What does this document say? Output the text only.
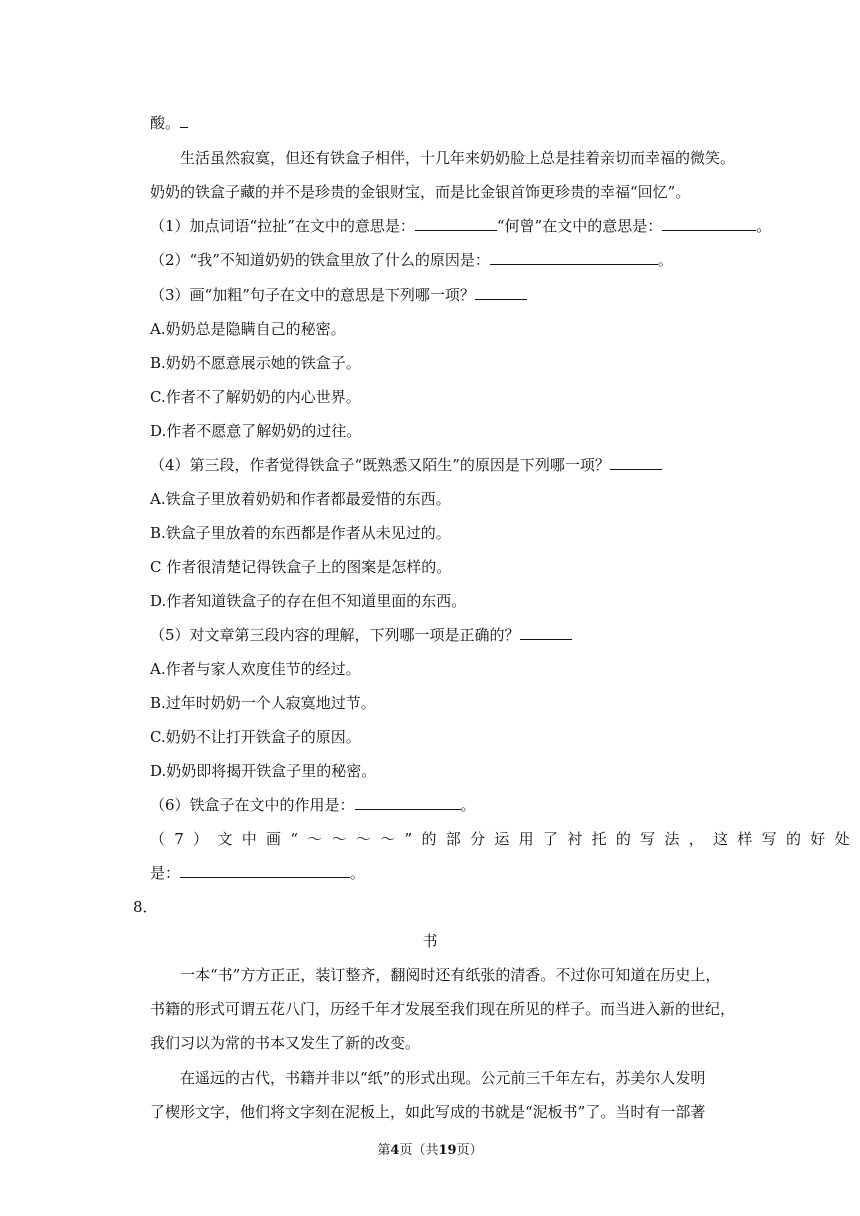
酸。
生活虽然寂寞，但还有铁盒子相伴，十几年来奶奶脸上总是挂着亲切而幸福的微笑。
奶奶的铁盒子藏的并不是珍贵的金银财宝，而是比金银首饰更珍贵的幸福“回忆”。
（1）加点词语“拉扯”在文中的意思是：	“何曾”在文中的意思是：	。
（2）“我”不知道奶奶的铁盒里放了什么的原因是：	。
（3）画“加粗”句子在文中的意思是下列哪一项？
A.奶奶总是隐瞒自己的秘密。
B.奶奶不愿意展示她的铁盒子。
C.作者不了解奶奶的内心世界。
D.作者不愿意了解奶奶的过往。
（4）第三段，作者觉得铁盒子“既熟悉又陌生”的原因是下列哪一项？
A.铁盒子里放着奶奶和作者都最爱惜的东西。
B.铁盒子里放着的东西都是作者从未见过的。
C 作者很清楚记得铁盒子上的图案是怎样的。
D.作者知道铁盒子的存在但不知道里面的东西。
（5）对文章第三段内容的理解，下列哪一项是正确的？
A.作者与家人欢度佳节的经过。
B.过年时奶奶一个人寂寞地过节。
C.奶奶不让打开铁盒子的原因。
D.奶奶即将揭开铁盒子里的秘密。
（6）铁盒子在文中的作用是：	。
（7）文中画“～～～～”的部分运用了衬托的写法，这样写的好处
是：	。
8．
书
一本“书”方方正正，装订整齐，翻阅时还有纸张的清香。不过你可知道在历史上，
书籍的形式可谓五花八门，历经千年才发展至我们现在所见的样子。而当进入新的世纪，
我们习以为常的书本又发生了新的改变。
在遥远的古代，书籍并非以“纸”的形式出现。公元前三千年左右，苏美尔人发明
了楔形文字，他们将文字刻在泥板上，如此写成的书就是“泥板书”了。当时有一部著
第4页（共19页）
